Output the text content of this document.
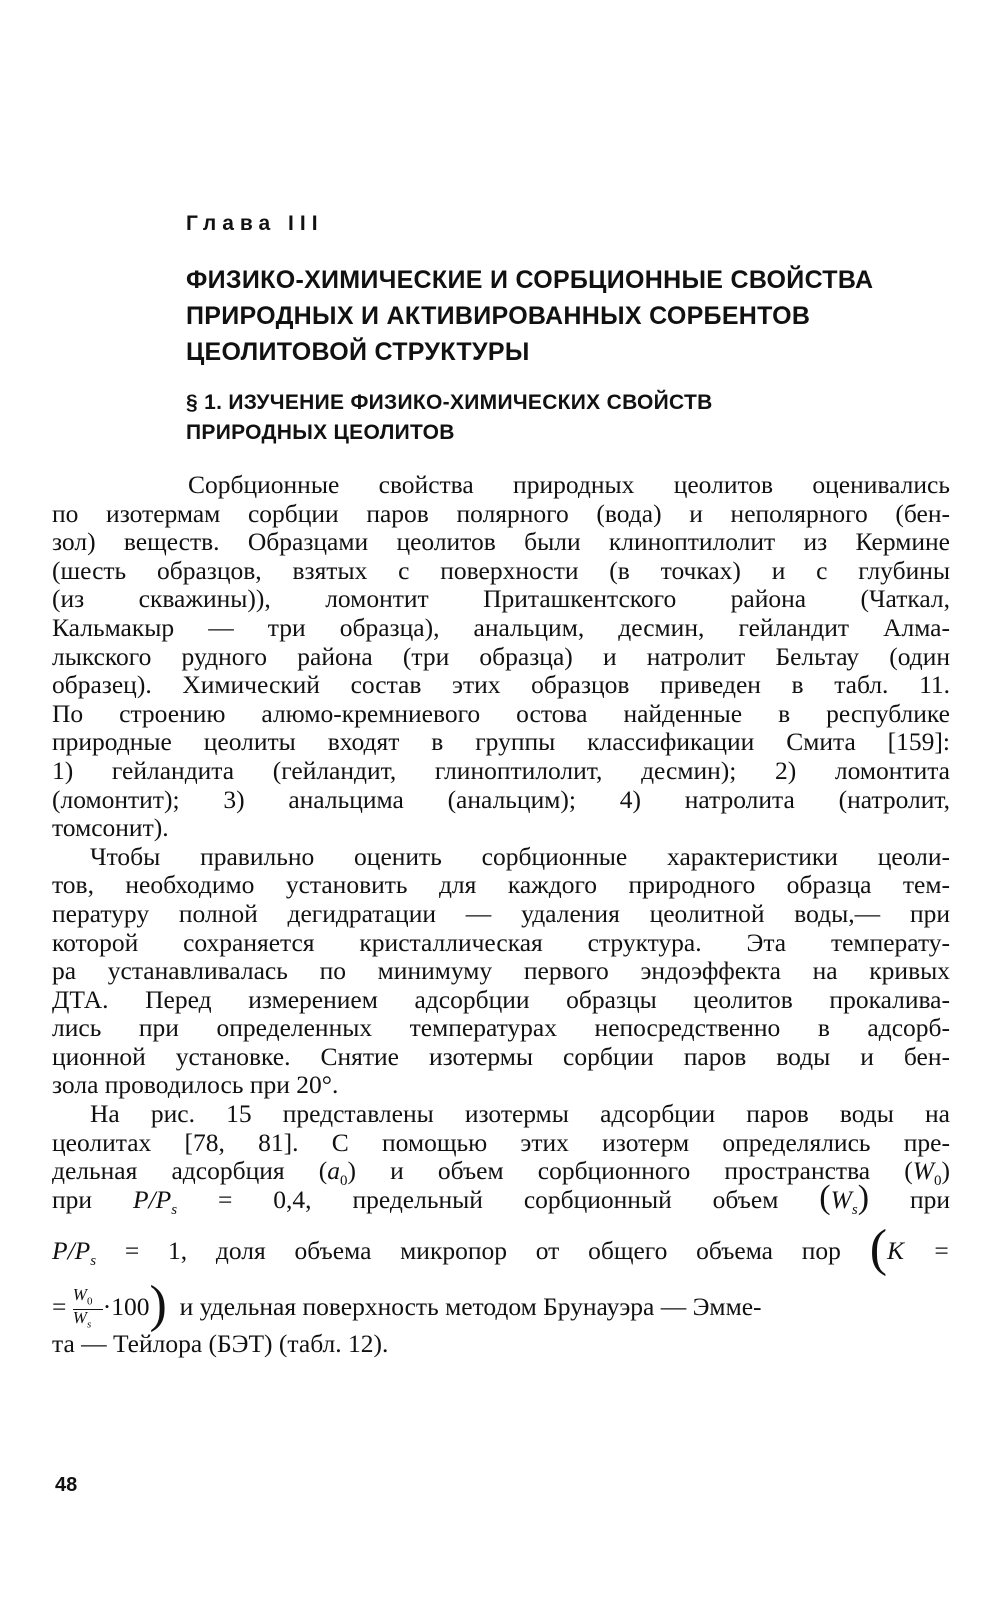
Глава III
ФИЗИКО-ХИМИЧЕСКИЕ И СОРБЦИОННЫЕ СВОЙСТВА
ПРИРОДНЫХ И АКТИВИРОВАННЫХ СОРБЕНТОВ
ЦЕОЛИТОВОЙ СТРУКТУРЫ
§ 1. ИЗУЧЕНИЕ ФИЗИКО-ХИМИЧЕСКИХ СВОЙСТВ
ПРИРОДНЫХ ЦЕОЛИТОВ
Сорбционные свойства природных цеолитов оценивались
по изотермам сорбции паров полярного (вода) и неполярного (бен-
зол) веществ. Образцами цеолитов были клиноптилолит из Кермине
(шесть образцов, взятых с поверхности (в точках) и с глубины
(из скважины)), ломонтит Приташкентского района (Чаткал,
Кальмакыр — три образца), анальцим, десмин, гейландит Алма-
лыкского рудного района (три образца) и натролит Бельтау (один
образец). Химический состав этих образцов приведен в табл. 11.
По строению алюмо-кремниевого остова найденные в республике
природные цеолиты входят в группы классификации Смита [159]:
1) гейландита (гейландит, глиноптилолит, десмин); 2) ломонтита
(ломонтит); 3) анальцима (анальцим); 4) натролита (натролит,
томсонит).
Чтобы правильно оценить сорбционные характеристики цеоли-
тов, необходимо установить для каждого природного образца тем-
пературу полной дегидратации — удаления цеолитной воды,— при
которой сохраняется кристаллическая структура. Эта температу-
ра устанавливалась по минимуму первого эндоэффекта на кривых
ДТА. Перед измерением адсорбции образцы цеолитов прокалива-
лись при определенных температурах непосредственно в адсорб-
ционной установке. Снятие изотермы сорбции паров воды и бен-
зола проводилось при 20°.
На рис. 15 представлены изотермы адсорбции паров воды на
цеолитах [78, 81]. С помощью этих изотерм определялись пре-
дельная адсорбция $(a_0)$ и объем сорбционного пространства $(W_0)$
при $P/P_s = 0,4$, предельный сорбционный объем $(W_s)$ при
$P/P_s = 1$, доля объема микропор от общего объема пор (K =
= $\frac{W_0}{W_s} \cdot 100$) и удельная поверхность методом Брунауэра — Эмме-
та — Тейлора (БЭТ) (табл. 12).
48
